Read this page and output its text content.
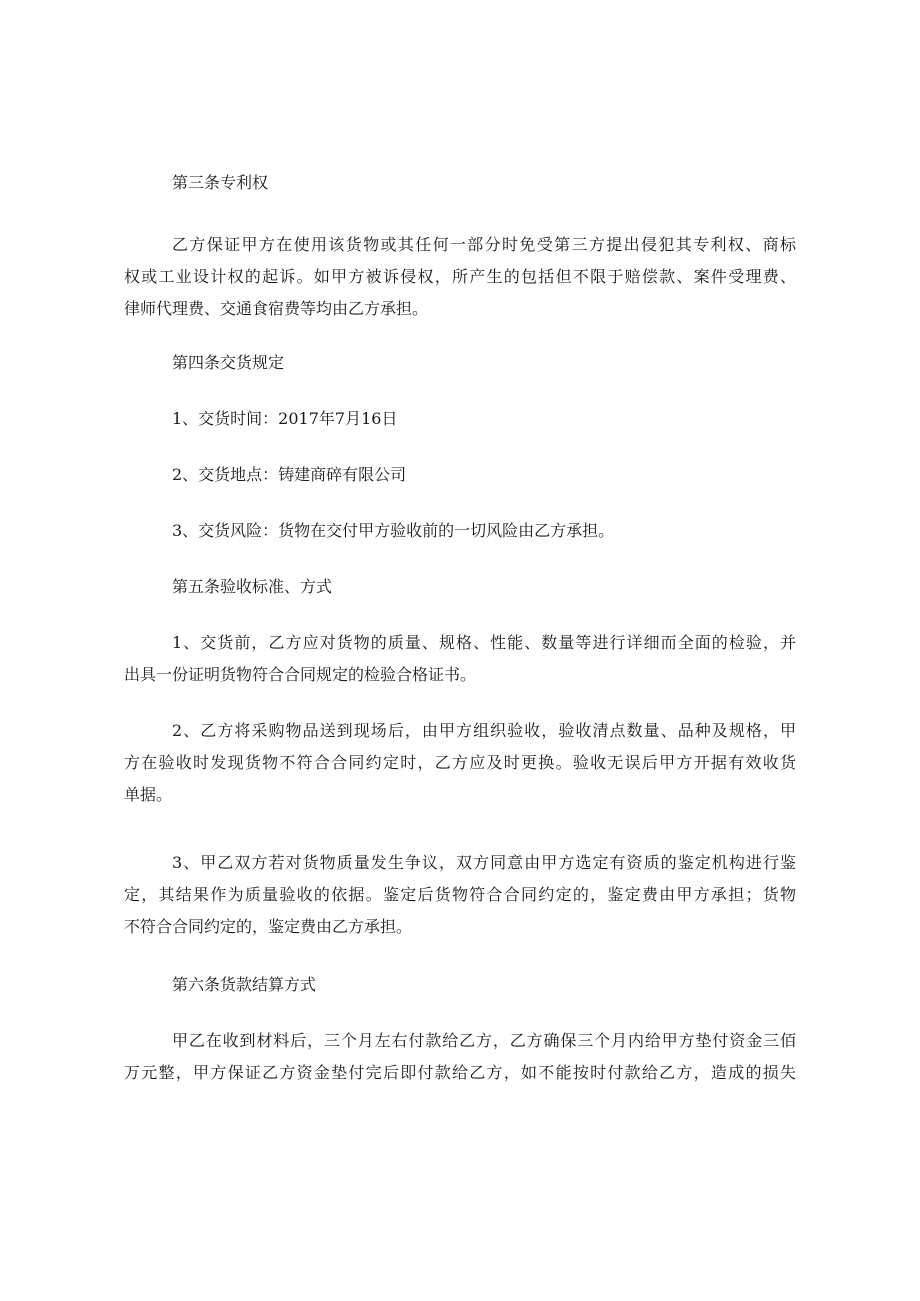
第三条专利权
乙方保证甲方在使用该货物或其任何一部分时免受第三方提出侵犯其专利权、商标
权或工业设计权的起诉。如甲方被诉侵权，所产生的包括但不限于赔偿款、案件受理费、
律师代理费、交通食宿费等均由乙方承担。
第四条交货规定
1、交货时间：2017年7月16日
2、交货地点：铸建商碎有限公司
3、交货风险：货物在交付甲方验收前的一切风险由乙方承担。
第五条验收标准、方式
1、交货前，乙方应对货物的质量、规格、性能、数量等进行详细而全面的检验，并
出具一份证明货物符合合同规定的检验合格证书。
2、乙方将采购物品送到现场后，由甲方组织验收，验收清点数量、品种及规格，甲
方在验收时发现货物不符合合同约定时，乙方应及时更换。验收无误后甲方开据有效收货
单据。
3、甲乙双方若对货物质量发生争议，双方同意由甲方选定有资质的鉴定机构进行鉴
定，其结果作为质量验收的依据。鉴定后货物符合合同约定的，鉴定费由甲方承担；货物
不符合合同约定的，鉴定费由乙方承担。
第六条货款结算方式
甲乙在收到材料后，三个月左右付款给乙方，乙方确保三个月内给甲方垫付资金三佰
万元整，甲方保证乙方资金垫付完后即付款给乙方，如不能按时付款给乙方，造成的损失
